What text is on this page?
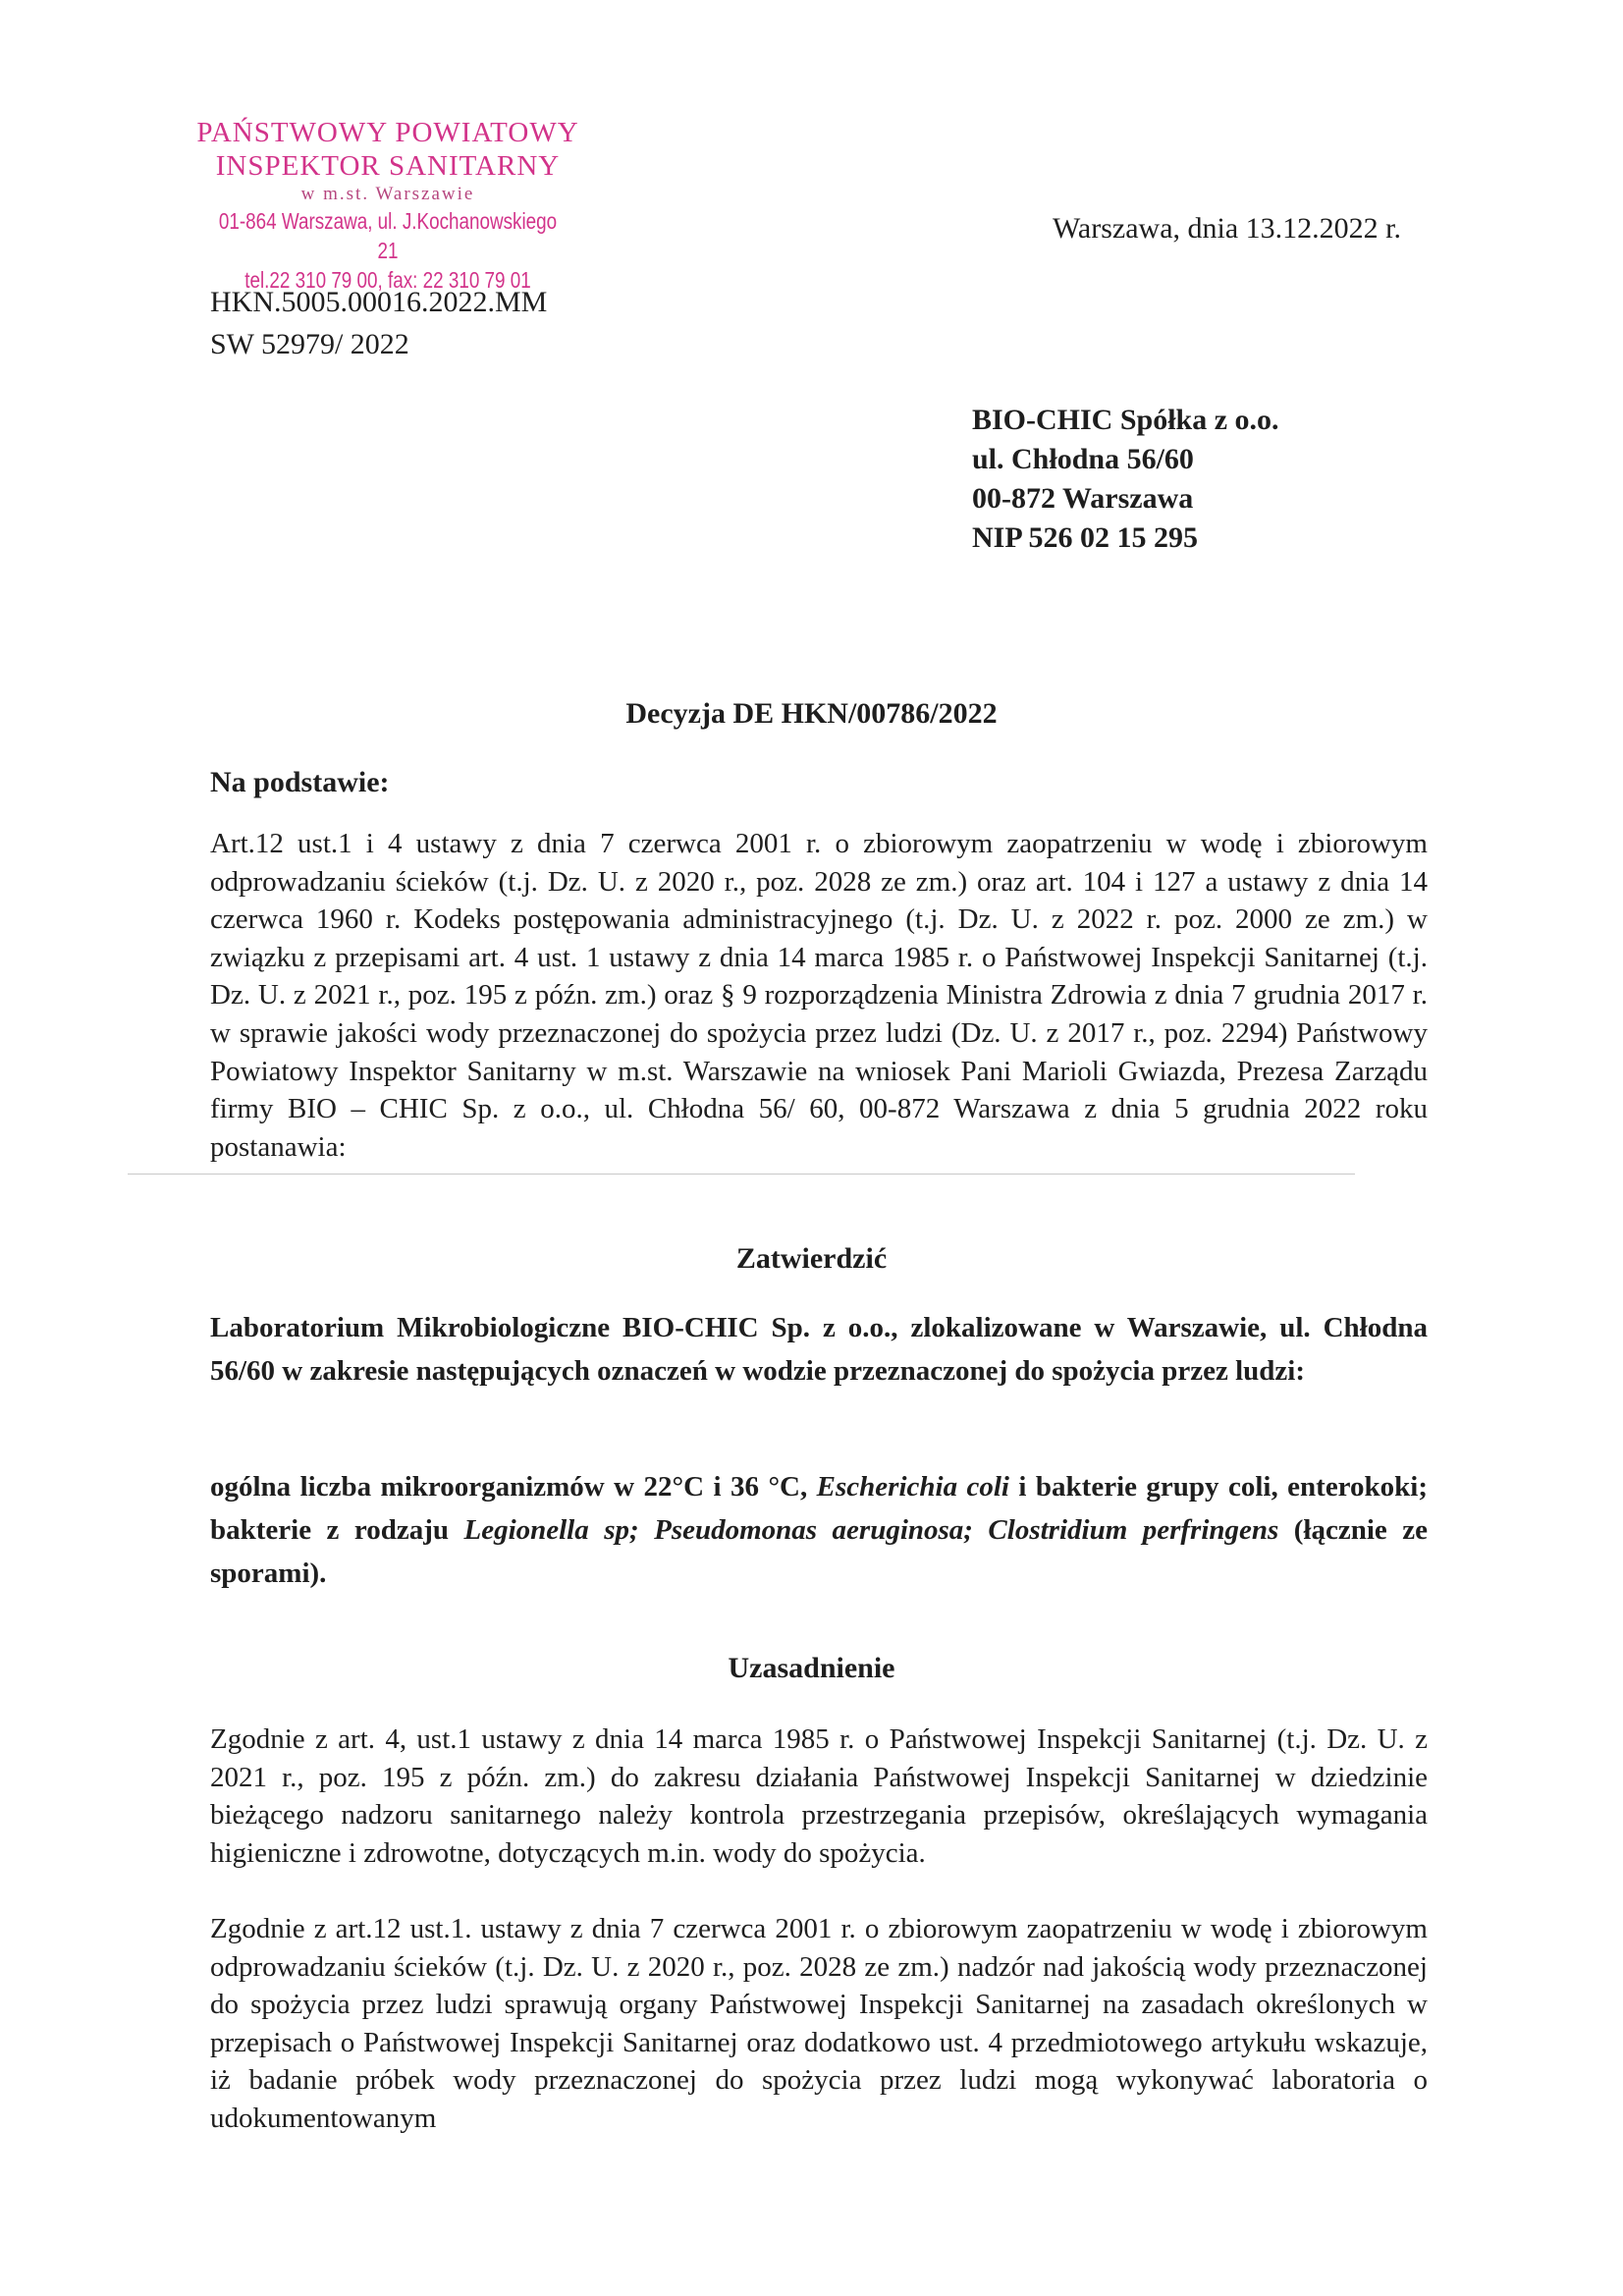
PAŃSTWOWY POWIATOWY
INSPEKTOR SANITARNY
w m.st. Warszawie
01-864 Warszawa, ul. J.Kochanowskiego 21
tel.22 310 79 00, fax: 22 310 79 01
Warszawa, dnia 13.12.2022 r.
HKN.5005.00016.2022.MM
SW 52979/ 2022
BIO-CHIC Spółka z o.o.
ul. Chłodna 56/60
00-872 Warszawa
NIP 526 02 15 295
Decyzja DE HKN/00786/2022
Na podstawie:
Art.12 ust.1 i 4 ustawy z dnia 7 czerwca 2001 r. o zbiorowym zaopatrzeniu w wodę i zbiorowym odprowadzaniu ścieków (t.j. Dz. U. z 2020 r., poz. 2028 ze zm.) oraz art. 104 i 127 a ustawy z dnia 14 czerwca 1960 r. Kodeks postępowania administracyjnego (t.j. Dz. U. z 2022 r. poz. 2000 ze zm.) w związku z przepisami art. 4 ust. 1 ustawy z dnia 14 marca 1985 r. o Państwowej Inspekcji Sanitarnej (t.j. Dz. U. z 2021 r., poz. 195 z późn. zm.) oraz § 9 rozporządzenia Ministra Zdrowia z dnia 7 grudnia 2017 r. w sprawie jakości wody przeznaczonej do spożycia przez ludzi (Dz. U. z 2017 r., poz. 2294) Państwowy Powiatowy Inspektor Sanitarny w m.st. Warszawie na wniosek Pani Marioli Gwiazda, Prezesa Zarządu firmy BIO – CHIC Sp. z o.o., ul. Chłodna 56/ 60, 00-872 Warszawa z dnia 5 grudnia 2022 roku postanawia:
Zatwierdzić
Laboratorium Mikrobiologiczne BIO-CHIC Sp. z o.o., zlokalizowane w Warszawie, ul. Chłodna 56/60 w zakresie następujących oznaczeń w wodzie przeznaczonej do spożycia przez ludzi:
ogólna liczba mikroorganizmów w 22°C i 36 °C, Escherichia coli i bakterie grupy coli, enterokoki; bakterie z rodzaju Legionella sp; Pseudomonas aeruginosa; Clostridium perfringens (łącznie ze sporami).
Uzasadnienie
Zgodnie z art. 4, ust.1 ustawy z dnia 14 marca 1985 r. o Państwowej Inspekcji Sanitarnej (t.j. Dz. U. z 2021 r., poz. 195 z późn. zm.) do zakresu działania Państwowej Inspekcji Sanitarnej w dziedzinie bieżącego nadzoru sanitarnego należy kontrola przestrzegania przepisów, określających wymagania higieniczne i zdrowotne, dotyczących m.in. wody do spożycia.
Zgodnie z art.12 ust.1. ustawy z dnia 7 czerwca 2001 r. o zbiorowym zaopatrzeniu w wodę i zbiorowym odprowadzaniu ścieków (t.j. Dz. U. z 2020 r., poz. 2028 ze zm.) nadzór nad jakością wody przeznaczonej do spożycia przez ludzi sprawują organy Państwowej Inspekcji Sanitarnej na zasadach określonych w przepisach o Państwowej Inspekcji Sanitarnej oraz dodatkowo ust. 4 przedmiotowego artykułu wskazuje, iż badanie próbek wody przeznaczonej do spożycia przez ludzi mogą wykonywać laboratoria o udokumentowanym
